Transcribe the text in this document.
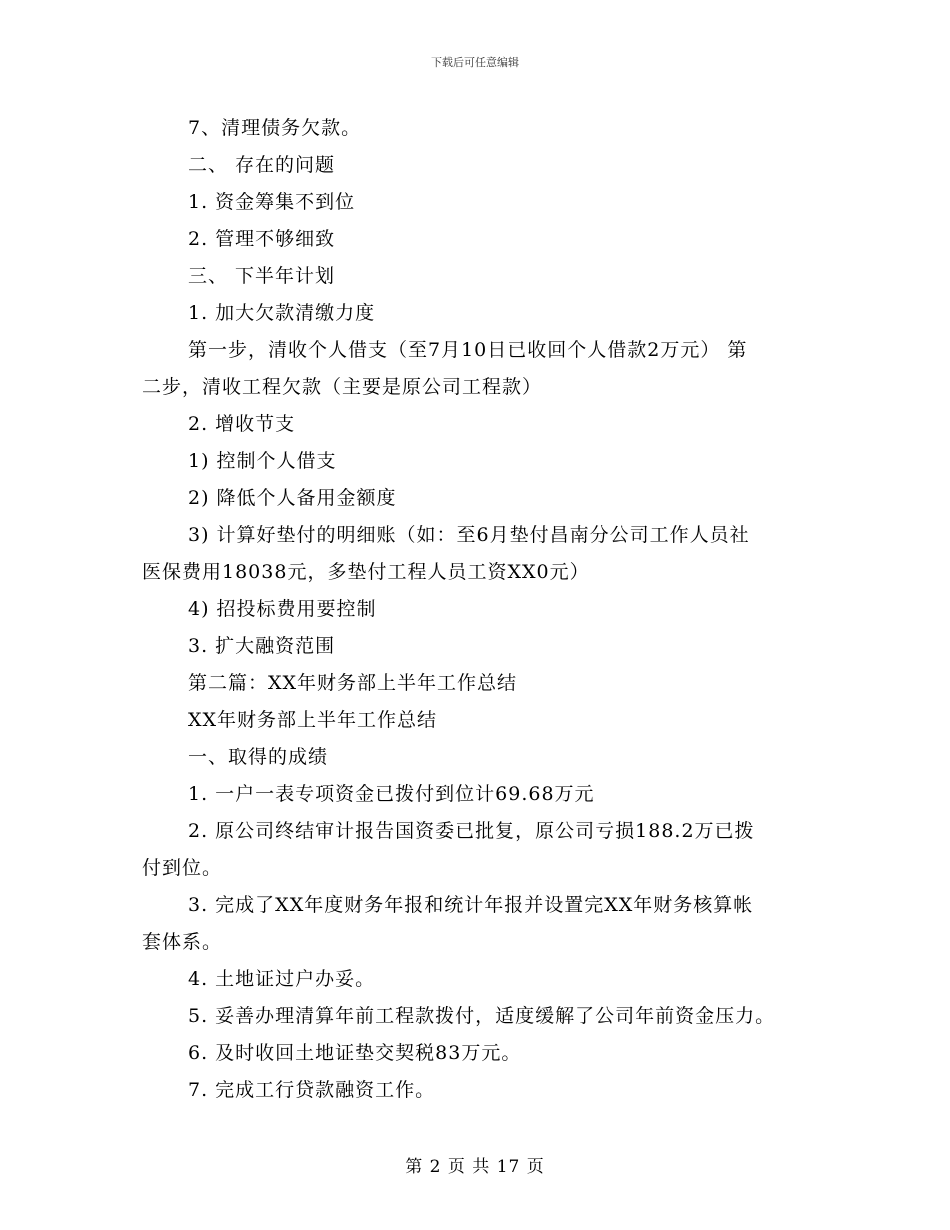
下载后可任意编辑
7、清理债务欠款。
二、 存在的问题
1. 资金筹集不到位
2. 管理不够细致
三、 下半年计划
1. 加大欠款清缴力度
第一步，清收个人借支（至7月10日已收回个人借款2万元） 第
二步，清收工程欠款（主要是原公司工程款）
2. 增收节支
1) 控制个人借支
2) 降低个人备用金额度
3) 计算好垫付的明细账（如：至6月垫付昌南分公司工作人员社
医保费用18038元，多垫付工程人员工资XX0元）
4) 招投标费用要控制
3. 扩大融资范围
第二篇：XX年财务部上半年工作总结
XX年财务部上半年工作总结
一、取得的成绩
1. 一户一表专项资金已拨付到位计69.68万元
2. 原公司终结审计报告国资委已批复，原公司亏损188.2万已拨
付到位。
3. 完成了XX年度财务年报和统计年报并设置完XX年财务核算帐
套体系。
4. 土地证过户办妥。
5. 妥善办理清算年前工程款拨付，适度缓解了公司年前资金压力。
6. 及时收回土地证垫交契税83万元。
7. 完成工行贷款融资工作。
第 2 页 共 17 页
